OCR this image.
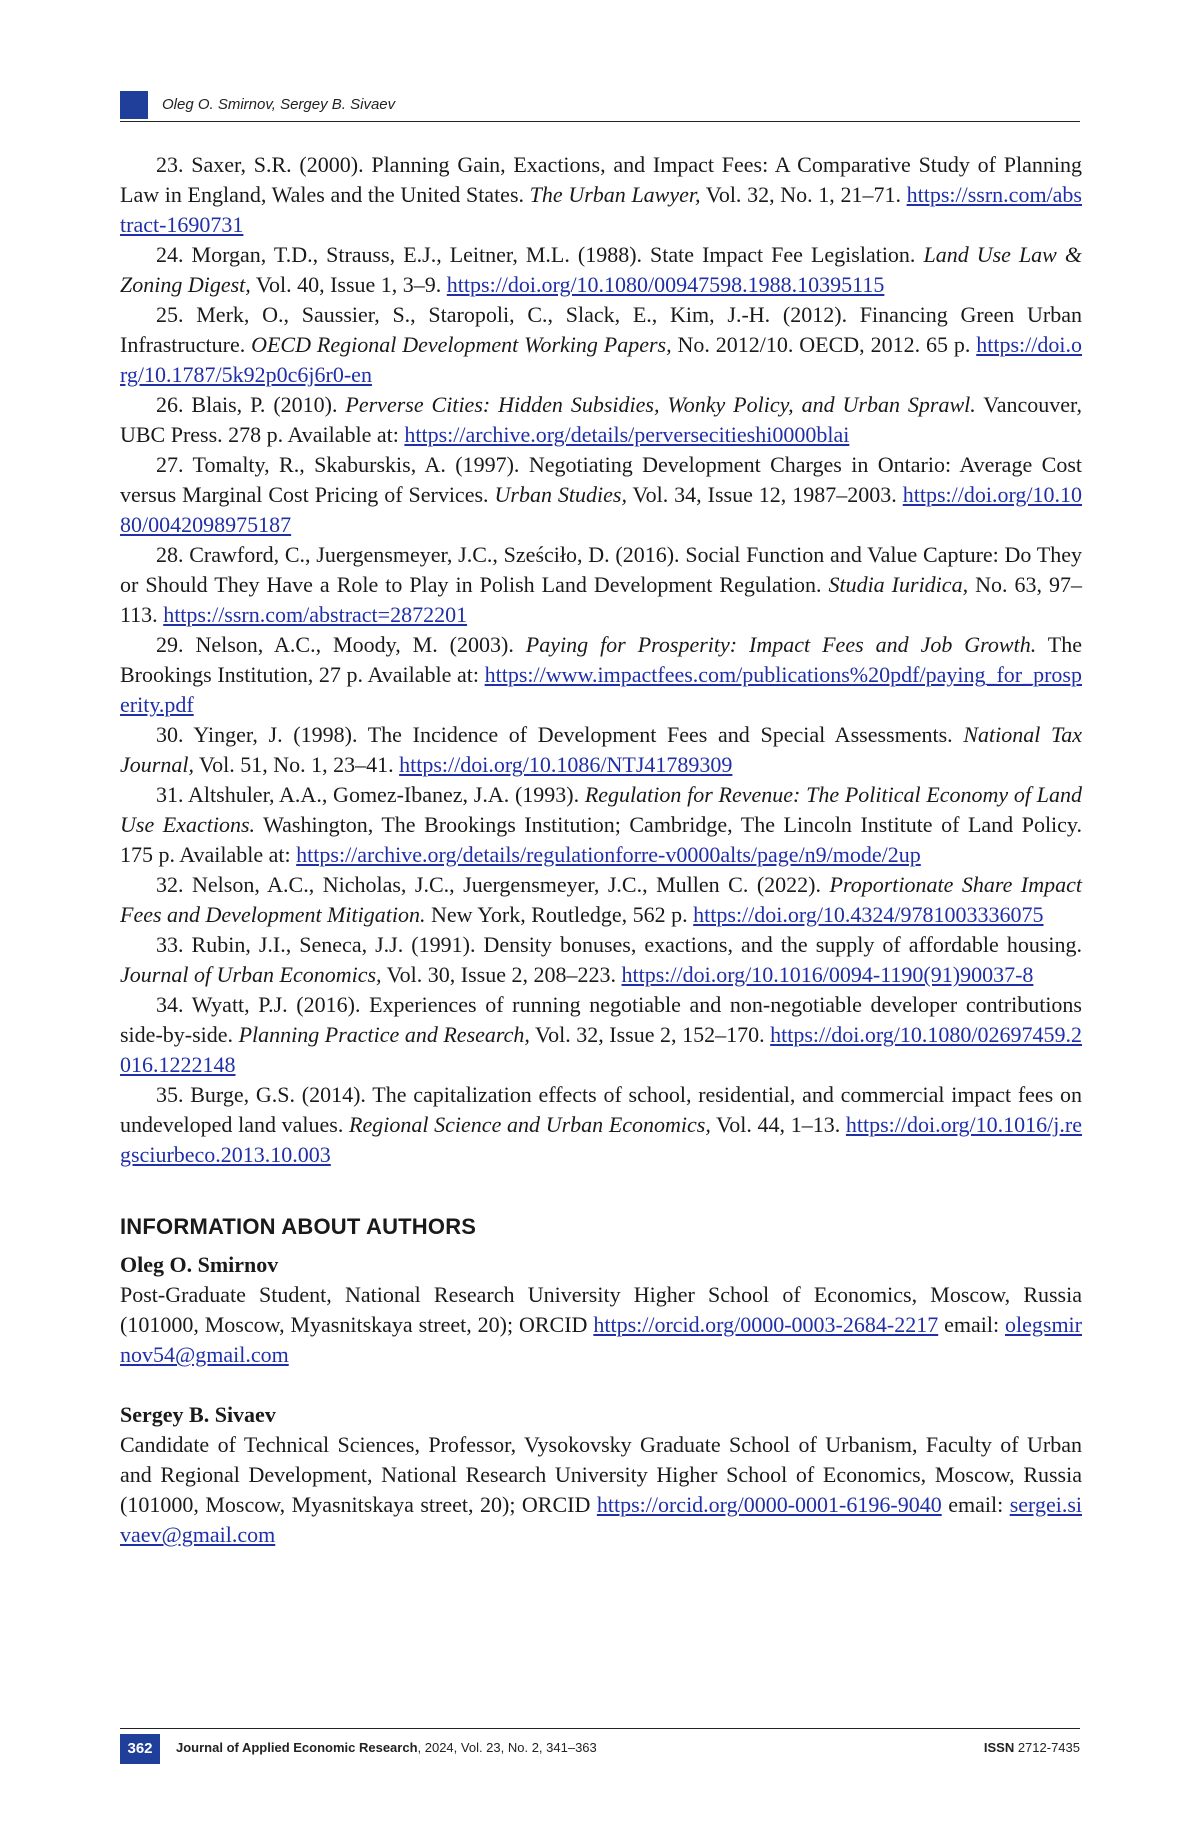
Oleg O. Smirnov, Sergey B. Sivaev

23. Saxer, S.R. (2000). Planning Gain, Exactions, and Impact Fees: A Comparative Study of Planning Law in England, Wales and the United States. The Urban Lawyer, Vol. 32, No. 1, 21–71. https://ssrn.com/abstract-1690731

24. Morgan, T.D., Strauss, E.J., Leitner, M.L. (1988). State Impact Fee Legislation. Land Use Law & Zoning Digest, Vol. 40, Issue 1, 3–9. https://doi.org/10.1080/00947598.1988.10395115

25. Merk, O., Saussier, S., Staropoli, C., Slack, E., Kim, J.-H. (2012). Financing Green Urban Infrastructure. OECD Regional Development Working Papers, No. 2012/10. OECD, 2012. 65 p. https://doi.org/10.1787/5k92p0c6j6r0-en

26. Blais, P. (2010). Perverse Cities: Hidden Subsidies, Wonky Policy, and Urban Sprawl. Vancouver, UBC Press. 278 p. Available at: https://archive.org/details/perversecitieshi0000blai

27. Tomalty, R., Skaburskis, A. (1997). Negotiating Development Charges in Ontario: Average Cost versus Marginal Cost Pricing of Services. Urban Studies, Vol. 34, Issue 12, 1987–2003. https://doi.org/10.1080/0042098975187

28. Crawford, C., Juergensmeyer, J.C., Sześciło, D. (2016). Social Function and Value Capture: Do They or Should They Have a Role to Play in Polish Land Development Regulation. Studia Iuridica, No. 63, 97–113. https://ssrn.com/abstract=2872201

29. Nelson, A.C., Moody, M. (2003). Paying for Prosperity: Impact Fees and Job Growth. The Brookings Institution, 27 p. Available at: https://www.impactfees.com/publications%20pdf/paying_for_prosperity.pdf

30. Yinger, J. (1998). The Incidence of Development Fees and Special Assessments. National Tax Journal, Vol. 51, No. 1, 23–41. https://doi.org/10.1086/NTJ41789309

31. Altshuler, A.A., Gomez-Ibanez, J.A. (1993). Regulation for Revenue: The Political Economy of Land Use Exactions. Washington, The Brookings Institution; Cambridge, The Lincoln Institute of Land Policy. 175 p. Available at: https://archive.org/details/regulationforre-v0000alts/page/n9/mode/2up

32. Nelson, A.C., Nicholas, J.C., Juergensmeyer, J.C., Mullen C. (2022). Proportionate Share Impact Fees and Development Mitigation. New York, Routledge, 562 p. https://doi.org/10.4324/9781003336075

33. Rubin, J.I., Seneca, J.J. (1991). Density bonuses, exactions, and the supply of affordable housing. Journal of Urban Economics, Vol. 30, Issue 2, 208–223. https://doi.org/10.1016/0094-1190(91)90037-8

34. Wyatt, P.J. (2016). Experiences of running negotiable and non-negotiable developer contributions side-by-side. Planning Practice and Research, Vol. 32, Issue 2, 152–170. https://doi.org/10.1080/02697459.2016.1222148

35. Burge, G.S. (2014). The capitalization effects of school, residential, and commercial impact fees on undeveloped land values. Regional Science and Urban Economics, Vol. 44, 1–13. https://doi.org/10.1016/j.regsciurbeco.2013.10.003

INFORMATION ABOUT AUTHORS

Oleg O. Smirnov

Post-Graduate Student, National Research University Higher School of Economics, Moscow, Russia (101000, Moscow, Myasnitskaya street, 20); ORCID https://orcid.org/0000-0003-2684-2217 email: olegsmirnov54@gmail.com

Sergey B. Sivaev

Candidate of Technical Sciences, Professor, Vysokovsky Graduate School of Urbanism, Faculty of Urban and Regional Development, National Research University Higher School of Economics, Moscow, Russia (101000, Moscow, Myasnitskaya street, 20); ORCID https://orcid.org/0000-0001-6196-9040 email: sergei.sivaev@gmail.com

362	Journal of Applied Economic Research, 2024, Vol. 23, No. 2, 341–363	ISSN 2712-7435
